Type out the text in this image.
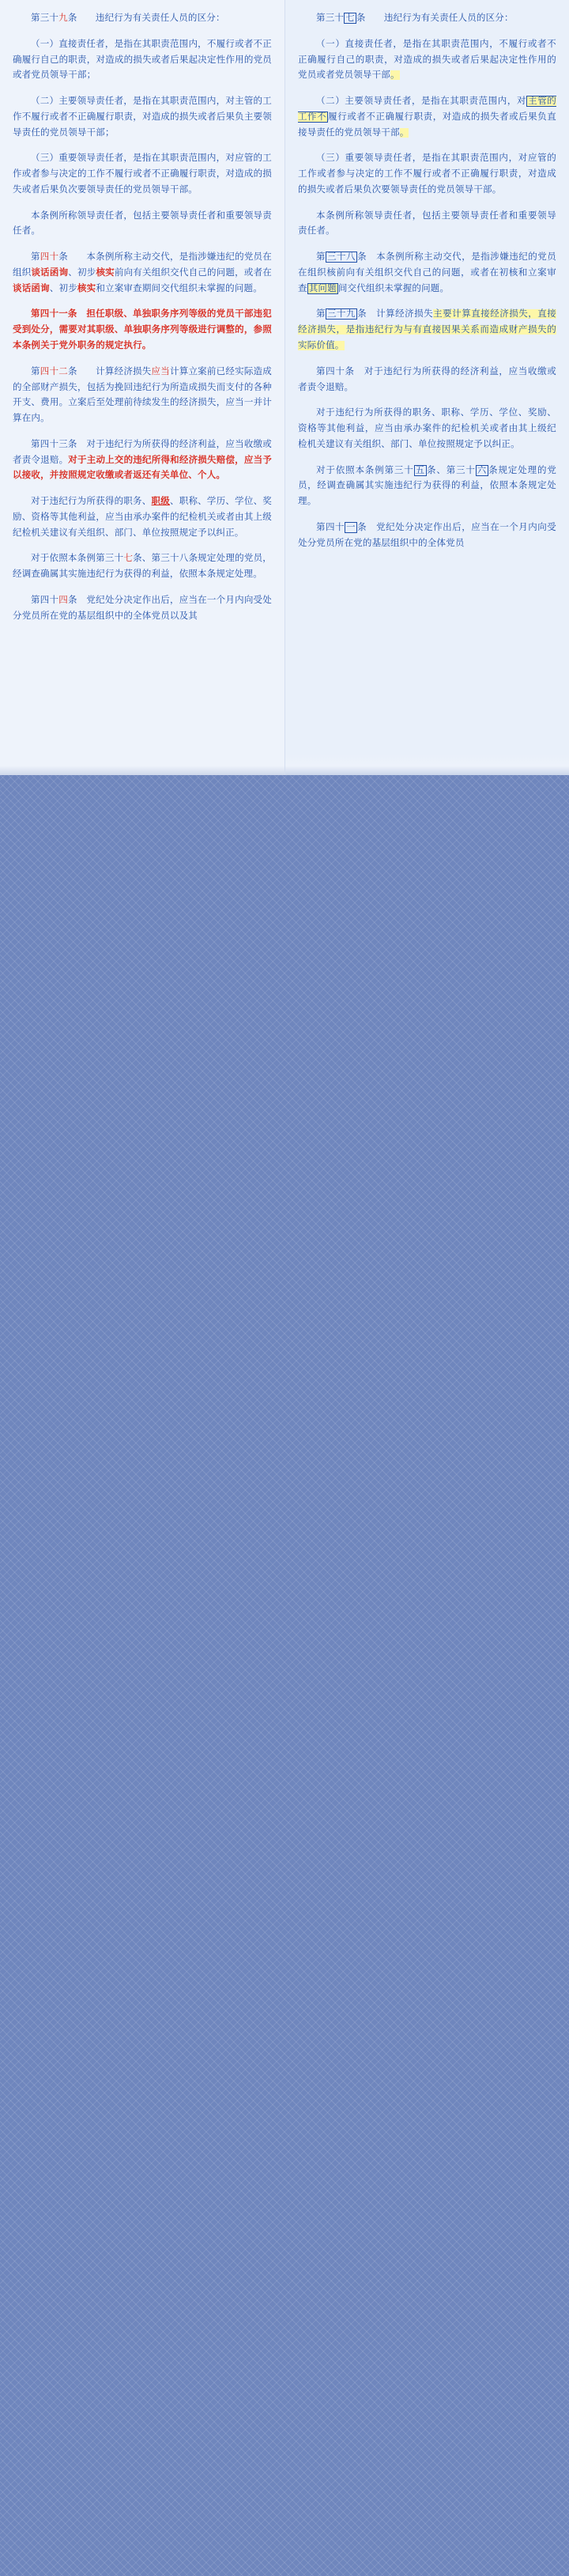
第三十九条　　违纪行为有关责任人员的区分：

（一）直接责任者，是指在其职责范围内，不履行或者不正确履行自己的职责，对造成的损失或者后果起决定性作用的党员或者党员领导干部；

（二）主要领导责任者，是指在其职责范围内，对主管的工作不履行或者不正确履行职责，对造成的损失或者后果负主要领导责任的党员领导干部；

（三）重要领导责任者，是指在其职责范围内，对应管的工作或者参与决定的工作不履行或者不正确履行职责，对造成的损失或者后果负次要领导责任的党员领导干部。

本条例所称领导责任者，包括主要领导责任者和重要领导责任者。

第四十条　　本条例所称主动交代，是指涉嫌违纪的党员在组织谈话函询、初步核实前向有关组织交代自己的问题，或者在谈话函询、初步核实和立案审查期间交代组织未掌握的问题。

第四十一条　担任职级、单独职务序列等级的党员干部违犯受到处分，需要对其职级、单独职务序列等级进行调整的，参照本条例关于党外职务的规定执行。

第四十二条　　计算经济损失应当计算立案前已经实际造成的全部财产损失，包括为挽回违纪行为所造成损失而支付的各种开支、费用。立案后至处理前待续发生的经济损失，应当一并计算在内。

第四十三条　对于违纪行为所获得的经济利益，应当收缴或者责令退赔。对于主动上交的违纪所得和经济损失赔偿，应当予以接收，并按照规定收缴或者返还有关单位、个人。

对于违纪行为所获得的职务、职级、职称、学历、学位、奖励、资格等其他利益，应当由承办案件的纪检机关或者由其上级纪检机关建议有关组织、部门、单位按照规定予以纠正。

对于依照本条例第三十七条、第三十八条规定处理的党员，经调查确属其实施违纪行为获得的利益，依照本条规定处理。

第四十四条　党纪处分决定作出后，应当在一个月内向受处分党员所在党的基层组织中的全体党员以及其

第三十 七 条　　违纪行为有关责任人员的区分：

（一）直接责任者，是指在其职责范围内，不履行或者不正确履行自己的职责，对造成的损失或者后果起决定性作用的党员或者党员领导干部。

（二）主要领导责任者，是指在其职责范围内，对 主管的工作不 履行或者不正确履行职责，对造成的损失者或后果负直接导责任的党员领导干部。

（三）重要领导责任者，是指在其职责范围内，对应管的工作或者参与决定的工作不履行或者不正确履行职责，对造成的损失或者后果负次要领导责任的党员领导干部。

本条例所称领导责任者，包括主要领导责任者和重要领导责任者。

第 三十八 条　本条例所称主动交代，是指涉嫌违纪的党员在组织核前向有关组织交代自己的问题，或者在初核和立案审查 其问题 间交代组织未掌握的问题。

第 三十九 条　计算经济损失主要计算直接经济损失，直接经济损失，是指违纪行为与有直接因果关系而造成财产损失的实际价值。

第四十条　对于违纪行为所获得的经济利益，应当收缴或者责令退赔。

对于违纪行为所获得的职务、职称、学历、学位、奖励、资格等其他利益，应当由承办案件的纪检机关或者由其上级纪检机关建议有关组织、部门、单位按照规定予以纠正。

对于依照本条例第三十 五 条、第三十 六 条规定处理的党员，经调查确属其实施违纪行为获得的利益，依照本条规定处理。

第四十 一 条　党纪处分决定作出后，应当在一个月内向受处分党员所在党的基层组织中的全体党员
